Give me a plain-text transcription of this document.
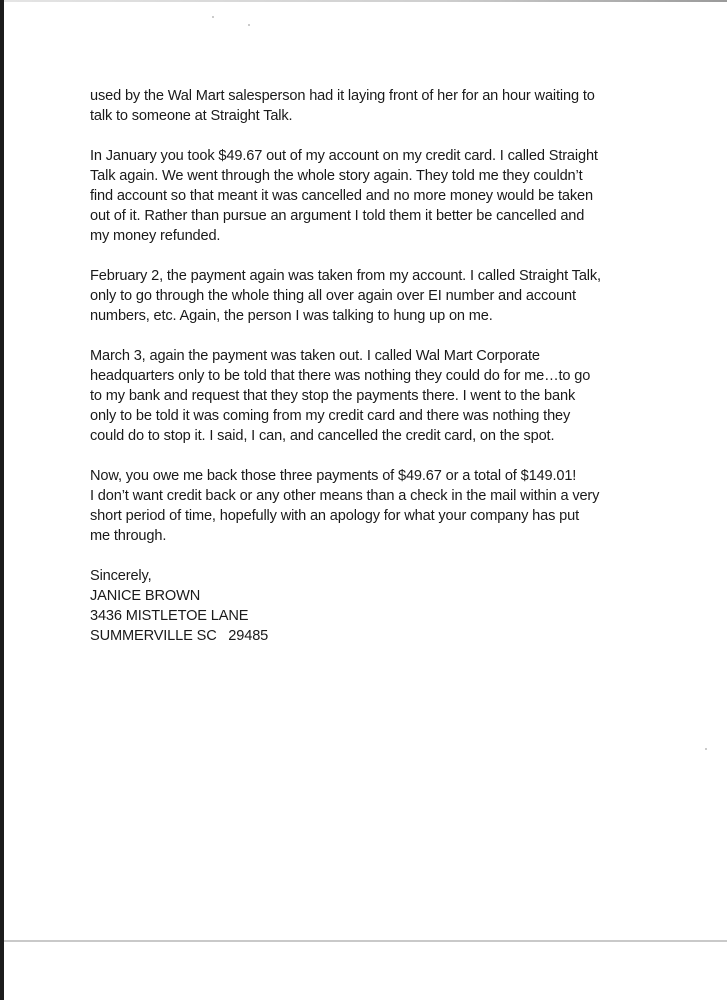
used by the Wal Mart salesperson had it laying front of her for an hour waiting to
talk to someone at Straight Talk.

In January you took $49.67 out of my account on my credit card. I called Straight
Talk again. We went through the whole story again. They told me they couldn’t
find account so that meant it was cancelled and no more money would be taken
out of it. Rather than pursue an argument I told them it better be cancelled and
my money refunded.

February 2, the payment again was taken from my account. I called Straight Talk,
only to go through the whole thing all over again over EI number and account
numbers, etc. Again, the person I was talking to hung up on me.

March 3, again the payment was taken out. I called Wal Mart Corporate
headquarters only to be told that there was nothing they could do for me…to go
to my bank and request that they stop the payments there. I went to the bank
only to be told it was coming from my credit card and there was nothing they
could do to stop it. I said, I can, and cancelled the credit card, on the spot.

Now, you owe me back those three payments of $49.67 or a total of $149.01!
I don’t want credit back or any other means than a check in the mail within a very
short period of time, hopefully with an apology for what your company has put
me through.

Sincerely,
JANICE BROWN
3436 MISTLETOE LANE
SUMMERVILLE SC   29485
